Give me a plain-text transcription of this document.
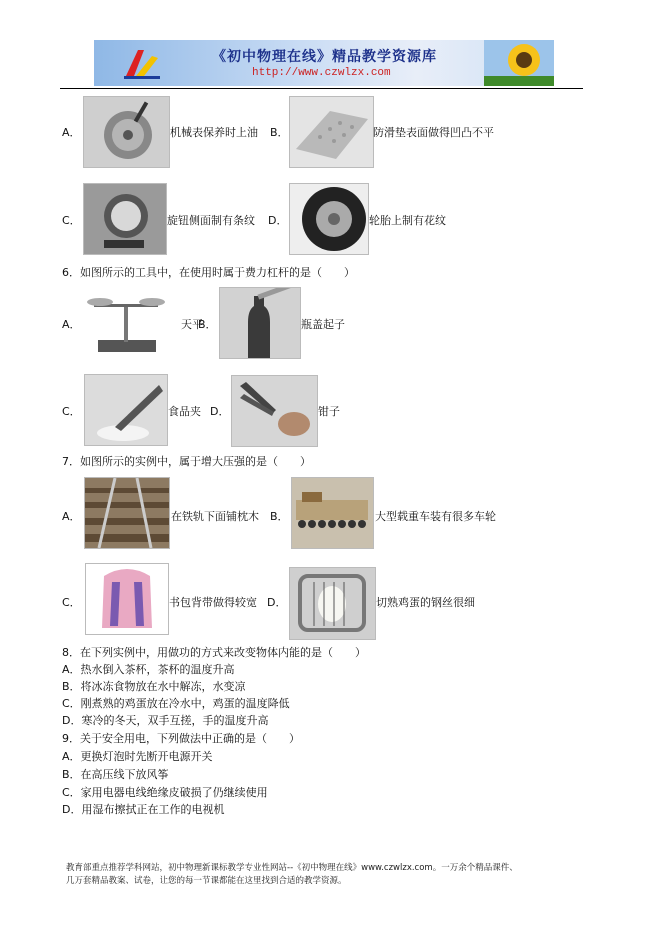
《初中物理在线》精品教学资源库
http://www.czwlzx.com
A．	机械表保养时上油 B．	防滑垫表面做得凹凸不平
C．	旋钮侧面制有条纹 D．	轮胎上制有花纹
6．如图所示的工具中，在使用时属于费力杠杆的是（　　）
A．	天平
B．	瓶盖起子
C．	食品夹 D．	钳子
7．如图所示的实例中，属于增大压强的是（　　）
A．	在铁轨下面铺枕木 B．	大型载重车装有很多车轮
C．	书包背带做得较宽 D．	切熟鸡蛋的钢丝很细
8．在下列实例中，用做功的方式来改变物体内能的是（　　）
A．热水倒入茶杯，茶杯的温度升高
B．将冰冻食物放在水中解冻，水变凉
C．刚煮熟的鸡蛋放在冷水中，鸡蛋的温度降低
D．寒冷的冬天，双手互搓，手的温度升高
9．关于安全用电，下列做法中正确的是（　　）
A．更换灯泡时先断开电源开关
B．在高压线下放风筝
C．家用电器电线绝缘皮破损了仍继续使用
D．用湿布擦拭正在工作的电视机
教育部重点推荐学科网站，初中物理新课标教学专业性网站--《初中物理在线》www.czwlzx.com。一万余个精品课件、
几万套精品教案、试卷，让您的每一节课都能在这里找到合适的教学资源。
